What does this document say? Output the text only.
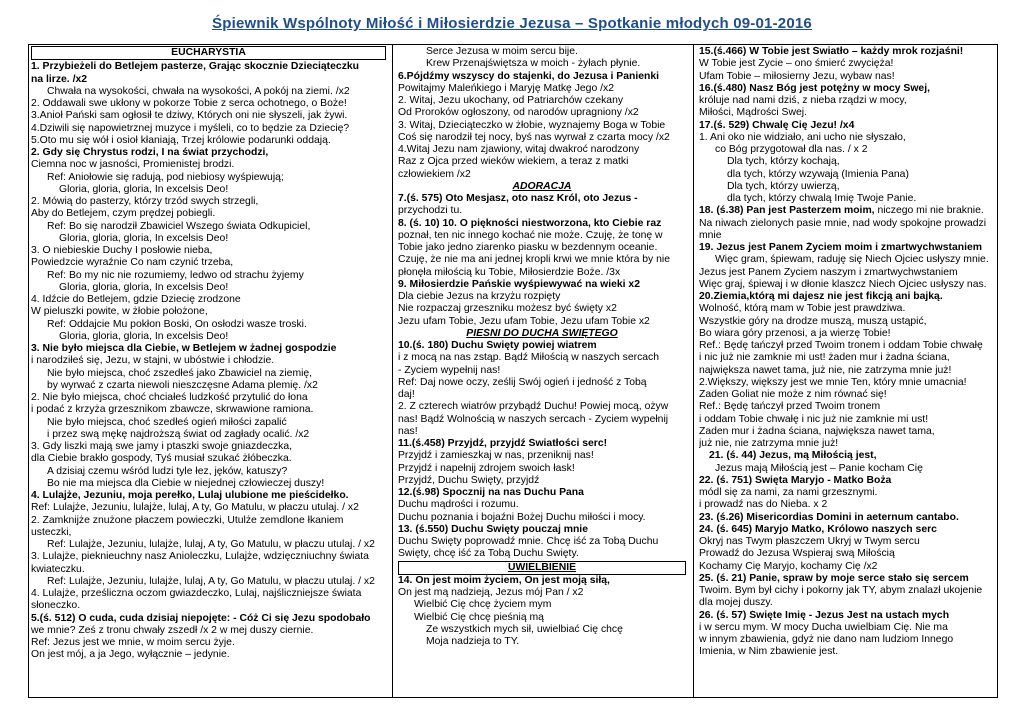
Śpiewnik Wspólnoty Miłość i Miłosierdzie Jezusa – Spotkanie młodych 09-01-2016
EUCHARYSTIA
1. Przybieżeli do Betlejem pasterze, Grając skocznie Dzieciąteczku
na lirze. /x2
Chwała na wysokości, chwała na wysokości, A pokój na ziemi. /x2
2. Oddawali swe ukłony w pokorze Tobie z serca ochotnego, o Boże!
3.Anioł Pański sam ogłosił te dziwy, Których oni nie słyszeli, jak żywi.
4.Dziwili się napowietrznej muzyce i myśleli, co to będzie za Dziecię?
5.Oto mu się wół i osioł kłaniają, Trzej królowie podarunki oddają.
2. Gdy się Chrystus rodzi, I na świat przychodzi,
Ciemna noc w jasności, Promienistej brodzi.
Ref: Aniołowie się radują, pod niebiosy wyśpiewują;
Gloria, gloria, gloria, In excelsis Deo!
2. Mówią do pasterzy, którzy trzód swych strzegli,
Aby do Betlejem, czym prędzej pobiegli.
Ref: Bo się narodził Zbawiciel Wszego świata Odkupiciel,
Gloria, gloria, gloria, In excelsis Deo!
3. O niebieskie Duchy I posłowie nieba,
Powiedzcie wyraźnie Co nam czynić trzeba,
Ref: Bo my nic nie rozumiemy, ledwo od strachu żyjemy
Gloria, gloria, gloria, In excelsis Deo!
4. Idźcie do Betlejem, gdzie Dziecię zrodzone
W pieluszki powite, w żłobie położone,
Ref: Oddajcie Mu pokłon Boski, On osłodzi wasze troski.
Gloria, gloria, gloria, In excelsis Deo!
3. Nie było miejsca dla Ciebie, w Betlejem w żadnej gospodzie
i narodziłeś się, Jezu, w stajni, w ubóstwie i chłodzie.
Nie było miejsca, choć zszedłeś jako Zbawiciel na ziemię,
by wyrwać z czarta niewoli nieszczęsne Adama plemię. /x2
2. Nie było miejsca, choć chciałeś ludzkość przytulić do łona
i podać z krzyża grzesznikom zbawcze, skrwawione ramiona.
Nie było miejsca, choć szedłeś ogień miłości zapalić
i przez swą mękę najdroższą świat od zagłady ocalić. /x2
3. Gdy liszki mają swe jamy i ptaszki swoje gniazdeczka,
dla Ciebie brakło gospody, Tyś musiał szukać żłóbeczka.
A dzisiaj czemu wśród ludzi tyle łez, jęków, katuszy?
Bo nie ma miejsca dla Ciebie w niejednej człowieczej duszy!
4. Lulajże, Jezuniu, moja perełko, Lulaj ulubione me pieścidełko.
Ref: Lulajże, Jezuniu, lulajże, lulaj, A ty, Go Matulu, w płaczu utulaj. / x2
2. Zamknijże znużone płaczem powieczki, Utulże zemdlone łkaniem
usteczki,
Ref: Lulajże, Jezuniu, lulajże, lulaj, A ty, Go Matulu, w płaczu utulaj. / x2
3. Lulajże, pieknieuchny nasz Anioleczku, Lulajże, wdzięczniuchny świata
kwiateczku.
Ref: Lulajże, Jezuniu, lulajże, lulaj, A ty, Go Matulu, w płaczu utulaj. / x2
4. Lulajże, prześliczna oczom gwiazdeczko, Lulaj, najśliczniejsze świata
słoneczko.
5.(ś. 512) O cuda, cuda dzisiaj niepojęte: - Cóż Ci się Jezu spodobało
we mnie? Żeś z tronu chwały zszedł /x 2 w mej duszy ciernie.
Ref: Jezus jest we mnie, w moim sercu żyje.
On jest mój, a ja Jego, wyłącznie – jedynie.
Serce Jezusa w moim sercu bije.
Krew Przenajświętsza w moich - żyłach płynie.
6.Pójdźmy wszyscy do stajenki, do Jezusa i Panienki
Powitajmy Maleńkiego i Maryję Matkę Jego /x2
2. Witaj, Jezu ukochany, od Patriarchów czekany
Od Proroków ogłoszony, od narodów upragniony /x2
3. Witaj, Dzieciąteczko w żłobie, wyznajemy Boga w Tobie
Coś się narodził tej nocy, byś nas wyrwał z czarta mocy /x2
4.Witaj Jezu nam zjawiony, witaj dwakroć narodzony
Raz z Ojca przed wieków wiekiem, a teraz z matki
człowiekiem /x2
ADORACJA
7.(ś. 575) Oto Mesjasz, oto nasz Król, oto Jezus -
przychodzi tu.
8. (ś. 10) 10. O piękności niestworzona, kto Ciebie raz
poznał, ten nic innego kochać nie może. Czuję, że tonę w
Tobie jako jedno ziarenko piasku w bezdennym oceanie.
Czuję, że nie ma ani jednej kropli krwi we mnie która by nie
płonęła miłością ku Tobie, Miłosierdzie Boże. /3x
9. Miłosierdzie Pańskie wyśpiewywać na wieki x2
Dla ciebie Jezus na krzyżu rozpięty
Nie rozpaczaj grzeszniku możesz być święty x2
Jezu ufam Tobie, Jezu ufam Tobie, Jezu ufam Tobie x2
PIEŚNI DO DUCHA ŚWIĘTEGO
10.(ś. 180) Duchu Święty powiej wiatrem
i z mocą na nas zstąp. Bądź Miłością w naszych sercach
- Życiem wypełnij nas!
Ref: Daj nowe oczy, ześlij Swój ogień i jedność z Tobą
daj!
2. Z czterech wiatrów przybądź Duchu! Powiej mocą, ożyw
nas! Bądź Wolnością w naszych sercach - Życiem wypełnij
nas!
11.(ś.458) Przyjdź, przyjdź Światłości serc!
Przyjdź i zamieszkaj w nas, przeniknij nas!
Przyjdź i napełnij zdrojem swoich łask!
Przyjdź, Duchu Święty, przyjdź
12.(ś.98) Spocznij na nas Duchu Pana
Duchu mądrości i rozumu.
Duchu poznania i bojaźni Bożej Duchu miłości i mocy.
13. (ś.550) Duchu Święty pouczaj mnie
Duchu Święty poprowadź mnie. Chcę iść za Tobą Duchu
Święty, chcę iść za Tobą Duchu Święty.
UWIELBIENIE
14. On jest moim życiem, On jest moją siłą,
On jest mą nadzieją, Jezus mój Pan / x2
Wielbić Cię chcę życiem mym
Wielbić Cię chcę pieśnią mą
Ze wszystkich mych sił, uwielbiać Cię chcę
Moja nadzieja to TY.
15.(ś.466) W Tobie jest Światło – każdy mrok rozjaśni!
W Tobie jest Życie – ono śmierć zwycięża!
Ufam Tobie – miłosierny Jezu, wybaw nas!
16.(ś.480) Nasz Bóg jest potężny w mocy Swej,
króluje nad nami dziś, z nieba rządzi w mocy,
Miłości, Mądrości Swej.
17.(ś. 529) Chwalę Cię Jezu! /x4
1. Ani oko nie widziało, ani ucho nie słyszało,
co Bóg przygotował dla nas. / x 2
Dla tych, którzy kochają,
dla tych, którzy wzywają (Imienia Pana)
Dla tych, którzy uwierzą,
dla tych, którzy chwalą Imię Twoje Panie.
18. (ś.38) Pan jest Pasterzem moim, niczego mi nie braknie.
Na niwach zielonych pasie mnie, nad wody spokojne prowadzi
mnie
19. Jezus jest Panem Życiem moim i zmartwychwstaniem
Więc gram, śpiewam, raduję się Niech Ojciec usłyszy mnie.
Jezus jest Panem Życiem naszym i zmartwychwstaniem
Więc graj, śpiewaj i w dłonie klaszcz Niech Ojciec usłyszy nas.
20.Ziemia,którą mi dajesz nie jest fikcją ani bajką.
Wolność, którą mam w Tobie jest prawdziwa.
Wszystkie góry na drodze muszą, muszą ustąpić,
Bo wiara góry przenosi, a ja wierzę Tobie!
Ref.: Będę tańczył przed Twoim tronem i oddam Tobie chwałę
i nic już nie zamknie mi ust! żaden mur i żadna ściana,
największa nawet tama, już nie, nie zatrzyma mnie już!
2.Większy, większy jest we mnie Ten, który mnie umacnia!
Żaden Goliat nie może z nim równać się!
Ref.: Będę tańczył przed Twoim tronem
i oddam Tobie chwałę i nic już nie zamknie mi ust!
Żaden mur i żadna ściana, największa nawet tama,
już nie, nie zatrzyma mnie już!
21. (ś. 44) Jezus, mą Miłością jest,
Jezus mają Miłością jest – Panie kocham Cię
22. (ś. 751) Święta Maryjo - Matko Boża
módl się za nami, za nami grzesznymi.
i prowadź nas do Nieba. x 2
23. (ś.26) Misericordias Domini in aeternum cantabo.
24. (ś. 645) Maryjo Matko, Królowo naszych serc
Okryj nas Twym płaszczem Ukryj w Twym sercu
Prowadź do Jezusa Wspieraj swą Miłością
Kochamy Cię Maryjo, kochamy Cię /x2
25. (ś. 21) Panie, spraw by moje serce stało się sercem
Twoim. Bym był cichy i pokorny jak TY, abym znalazł ukojenie
dla mojej duszy.
26. (ś. 57) Święte Imię - Jezus Jest na ustach mych
i w sercu mym. W mocy Ducha uwielbiam Cię. Nie ma
w innym zbawienia, gdyż nie dano nam ludziom Innego
Imienia, w Nim zbawienie jest.
